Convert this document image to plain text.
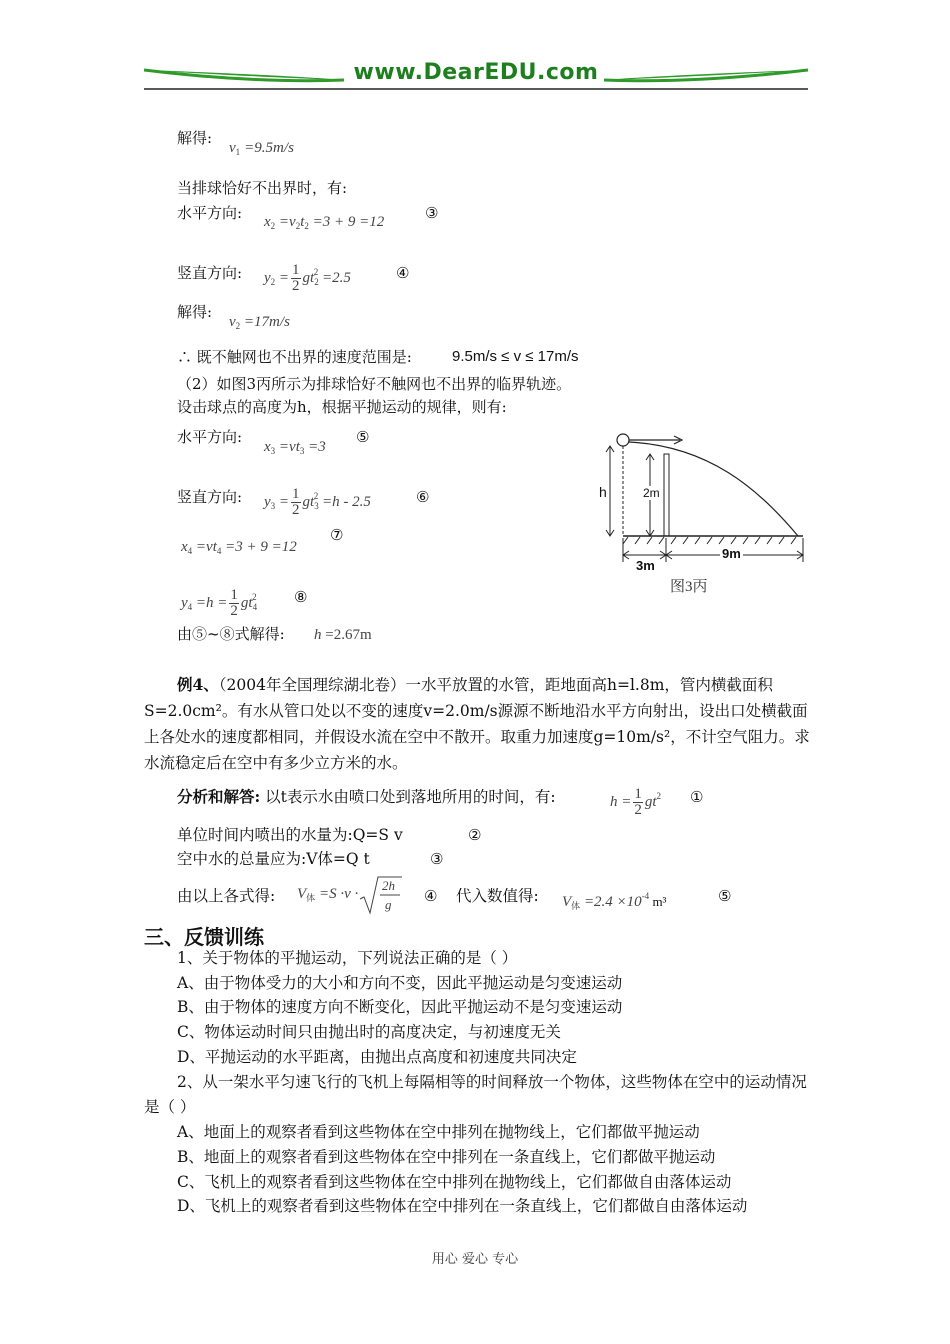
www.DearEDU.com
解得:
$v_1 =9.5m/s$
当排球恰好不出界时，有:
水平方向: $x_2 =v_2t_2 =3 + 9 =12$	③
竖直方向: $y_2 = \frac{1}{2} gt_2^2 =2.5$	④
解得:
$v_2 =17m/s$
∴ 既不触网也不出界的速度范围是:	9.5m/s ≤ v ≤ 17m/s
（2）如图3丙所示为排球恰好不触网也不出界的临界轨迹。
设击球点的高度为h，根据平抛运动的规律，则有:
水平方向:
$x_3 =vt_3 =3$
⑤
竖直方向: $y_3 = \frac{1}{2} gt_3^2 =h - 2.5$	⑥
$x_4 =vt_4 =3 + 9 =12$
⑦
$y_4 =h = \frac{1}{2} gt_4^2$ ⑧
由⑤~⑧式解得: h =2.67m
h	2m
3m
9m
图3丙
例4、（2004年全国理综湖北卷）一水平放置的水管，距地面高h=l.8m，管内横截面积S=2.0cm²。有水从管口处以不变的速度v=2.0m/s源源不断地沿水平方向射出，设出口处横截面上各处水的速度都相同，并假设水流在空中不散开。取重力加速度g=10m/s²，不计空气阻力。求水流稳定后在空中有多少立方米的水。
分析和解答: 以t表示水由喷口处到落地所用的时间，有:	$h = \frac{1}{2} gt^2$ ①
单位时间内喷出的水量为:Q=S v	②
空中水的总量应为:V体=Q t	③
由以上各式得: $V_体 =S \cdot v$ ·
2h
g ④ 代入数值得: $V_体 =2.4 \times 10^{-4}$ m³	⑤
三、反馈训练
1、关于物体的平抛运动，下列说法正确的是（ ）
A、由于物体受力的大小和方向不变，因此平抛运动是匀变速运动
B、由于物体的速度方向不断变化，因此平抛运动不是匀变速运动
C、物体运动时间只由抛出时的高度决定，与初速度无关
D、平抛运动的水平距离，由抛出点高度和初速度共同决定
2、从一架水平匀速飞行的飞机上每隔相等的时间释放一个物体，这些物体在空中的运动情况是（ ）
A、地面上的观察者看到这些物体在空中排列在抛物线上，它们都做平抛运动
B、地面上的观察者看到这些物体在空中排列在一条直线上，它们都做平抛运动
C、飞机上的观察者看到这些物体在空中排列在抛物线上，它们都做自由落体运动
D、飞机上的观察者看到这些物体在空中排列在一条直线上，它们都做自由落体运动
用心 爱心 专心
